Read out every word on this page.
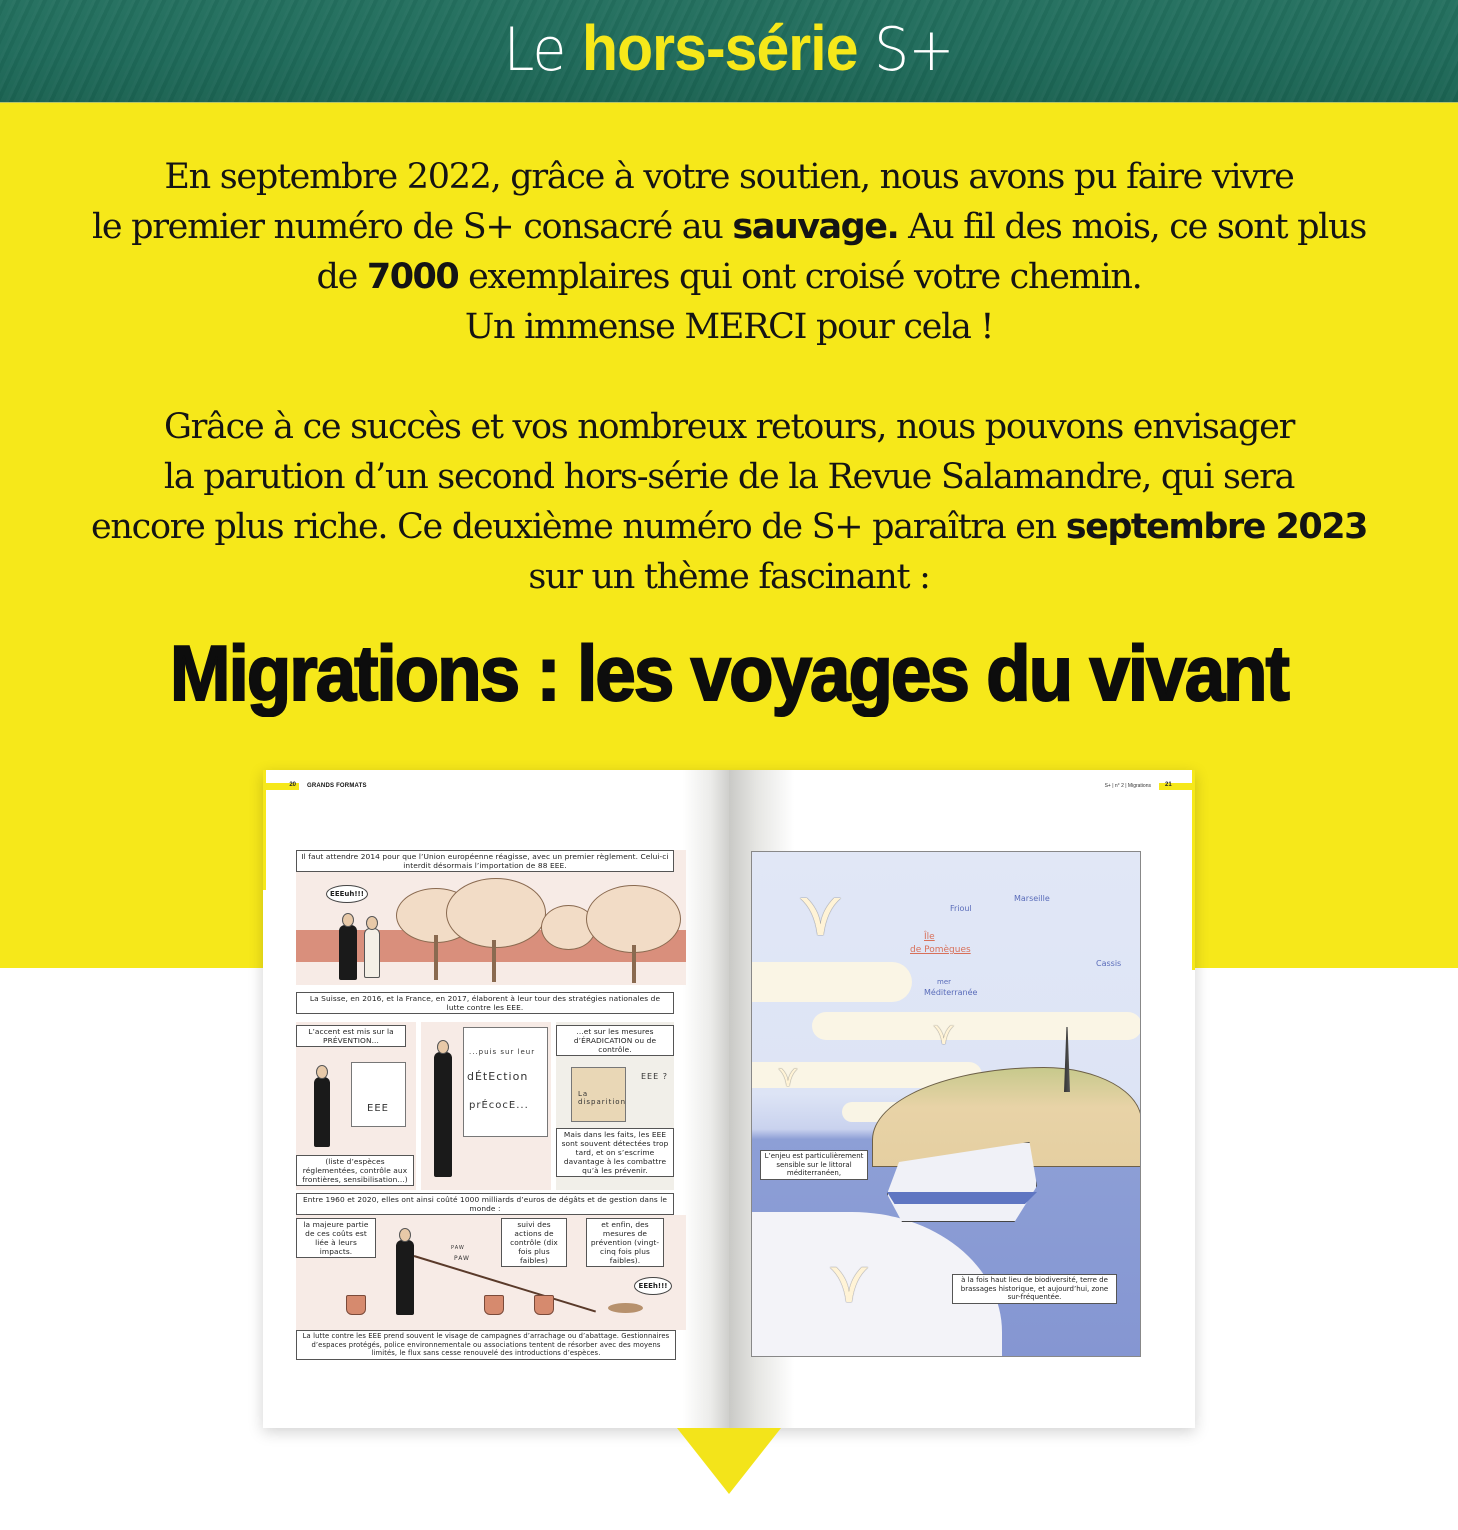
Le hors-série S+

En septembre 2022, grâce à votre soutien, nous avons pu faire vivre

le premier numéro de S+ consacré au sauvage. Au fil des mois, ce sont plus

de 7000 exemplaires qui ont croisé votre chemin.

Un immense MERCI pour cela !

Grâce à ce succès et vos nombreux retours, nous pouvons envisager

la parution d’un second hors-série de la Revue Salamandre, qui sera

encore plus riche. Ce deuxième numéro de S+ paraîtra en septembre 2023

sur un thème fascinant :

Migrations : les voyages du vivant
20 GRANDS FORMATS
EEEuh!!!
Il faut attendre 2014 pour que l’Union européenne réagisse, avec un premier règlement. Celui-ci interdit désormais l’importation de 88 EEE.
La Suisse, en 2016, et la France, en 2017, élaborent à leur tour des stratégies nationales de lutte contre les EEE.
EEE
L’accent est mis sur la PRÉVENTION...
(liste d’espèces réglementées, contrôle aux frontières, sensibilisation...)
...puis sur leur
dÉtEction
prÉcocE...
La disparition
EEE ?
...et sur les mesures d’ÉRADICATION ou de contrôle.
Mais dans les faits, les EEE sont souvent détectées trop tard, et on s’escrime davantage à les combattre qu’à les prévenir.
Entre 1960 et 2020, elles ont ainsi coûté 1000 milliards d’euros de dégâts et de gestion dans le monde :
PAW
PAW
EEEh!!!
la majeure partie de ces coûts est liée à leurs impacts.
suivi des actions de contrôle (dix fois plus faibles)
et enfin, des mesures de prévention (vingt-cinq fois plus faibles).
La lutte contre les EEE prend souvent le visage de campagnes d’arrachage ou d’abattage. Gestionnaires d’espaces protégés, police environnementale ou associations tentent de résorber avec des moyens limités, le flux sans cesse renouvelé des introductions d’espèces.
S+ | n° 2 | Migrations 21
Marseille
Frioul
Île
de Pomègues
Cassis
mer
Méditerranée
⋎
⋎
⋎
⋎
L’enjeu est particulièrement sensible sur le littoral méditerranéen,
à la fois haut lieu de biodiversité, terre de brassages historique, et aujourd’hui, zone sur-fréquentée.
